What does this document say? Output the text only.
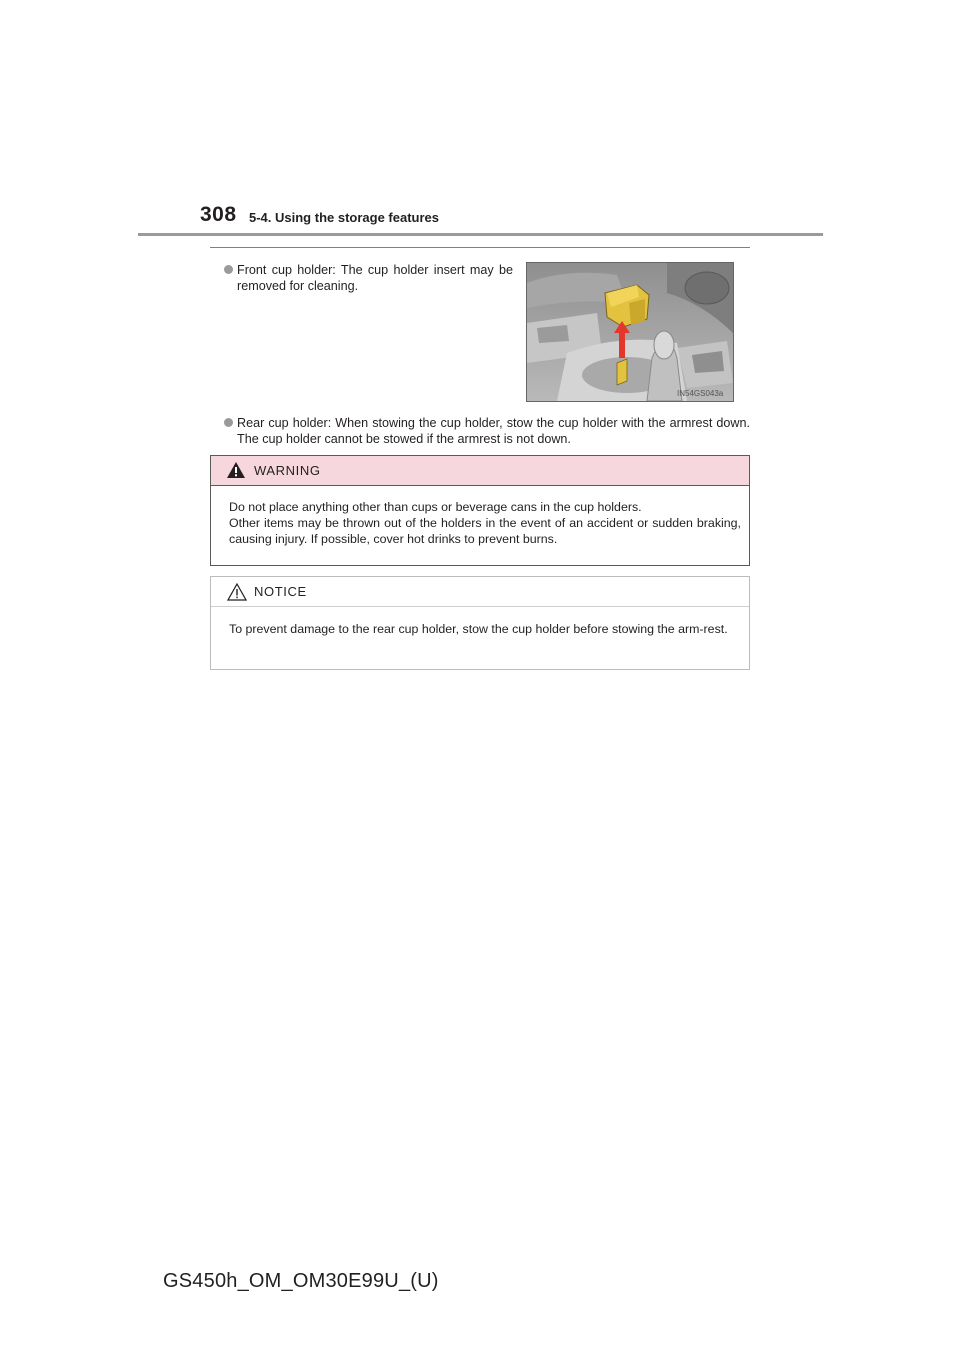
308 5-4. Using the storage features
Front cup holder: The cup holder insert may be removed for cleaning.
IN54GS043a
Rear cup holder: When stowing the cup holder, stow the cup holder with the armrest down. The cup holder cannot be stowed if the armrest is not down.
WARNING

Do not place anything other than cups or beverage cans in the cup holders.

Other items may be thrown out of the holders in the event of an accident or sudden braking, causing injury. If possible, cover hot drinks to prevent burns.

NOTICE

To prevent damage to the rear cup holder, stow the cup holder before stowing the arm-rest.

GS450h_OM_OM30E99U_(U)
